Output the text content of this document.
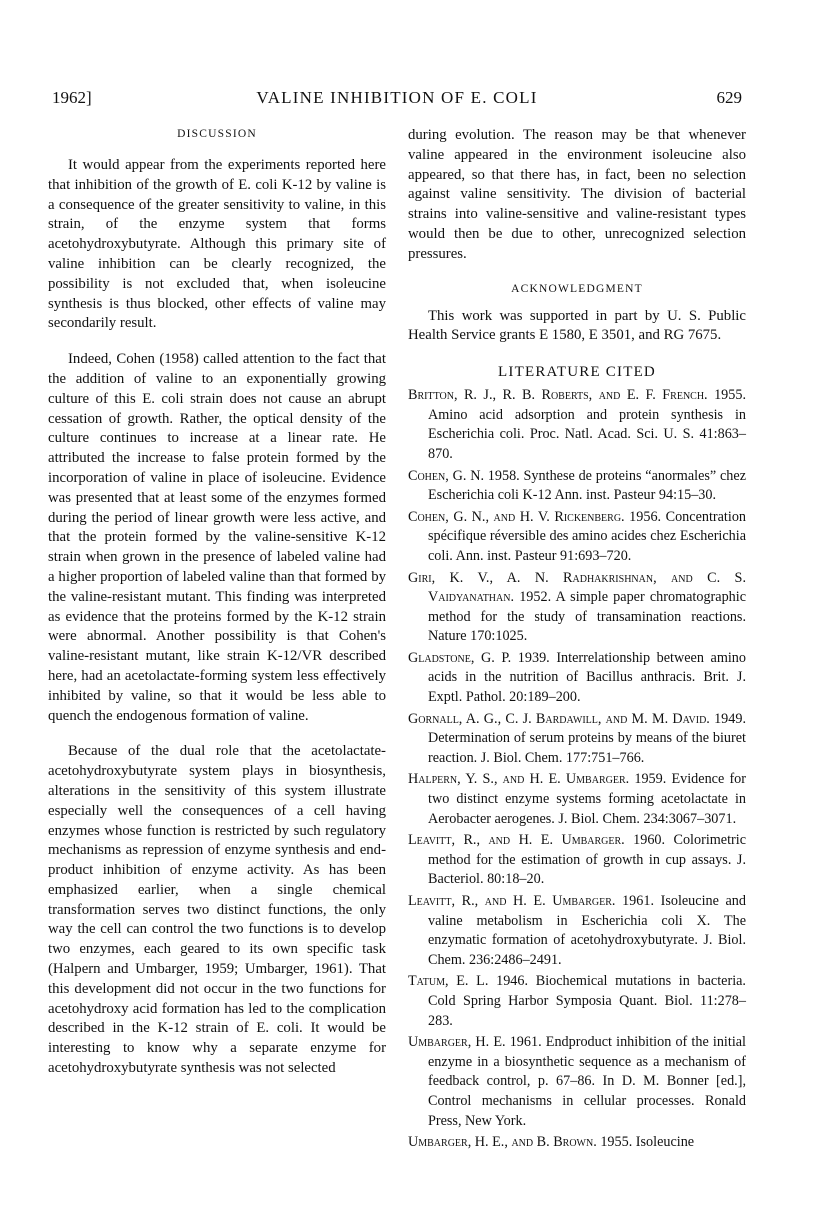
1962]	VALINE INHIBITION OF E. COLI	629
DISCUSSION

It would appear from the experiments reported here that inhibition of the growth of E. coli K-12 by valine is a consequence of the greater sensitivity to valine, in this strain, of the enzyme system that forms acetohydroxybutyrate. Although this primary site of valine inhibition can be clearly recognized, the possibility is not excluded that, when isoleucine synthesis is thus blocked, other effects of valine may secondarily result.

Indeed, Cohen (1958) called attention to the fact that the addition of valine to an exponentially growing culture of this E. coli strain does not cause an abrupt cessation of growth. Rather, the optical density of the culture continues to increase at a linear rate. He attributed the increase to false protein formed by the incorporation of valine in place of isoleucine. Evidence was presented that at least some of the enzymes formed during the period of linear growth were less active, and that the protein formed by the valine-sensitive K-12 strain when grown in the presence of labeled valine had a higher proportion of labeled valine than that formed by the valine-resistant mutant. This finding was interpreted as evidence that the proteins formed by the K-12 strain were abnormal. Another possibility is that Cohen's valine-resistant mutant, like strain K-12/VR described here, had an acetolactate-forming system less effectively inhibited by valine, so that it would be less able to quench the endogenous formation of valine.

Because of the dual role that the acetolactate-acetohydroxybutyrate system plays in biosynthesis, alterations in the sensitivity of this system illustrate especially well the consequences of a cell having enzymes whose function is restricted by such regulatory mechanisms as repression of enzyme synthesis and end-product inhibition of enzyme activity. As has been emphasized earlier, when a single chemical transformation serves two distinct functions, the only way the cell can control the two functions is to develop two enzymes, each geared to its own specific task (Halpern and Umbarger, 1959; Umbarger, 1961). That this development did not occur in the two functions for acetohydroxy acid formation has led to the complication described in the K-12 strain of E. coli. It would be interesting to know why a separate enzyme for acetohydroxybutyrate synthesis was not selected

during evolution. The reason may be that whenever valine appeared in the environment isoleucine also appeared, so that there has, in fact, been no selection against valine sensitivity. The division of bacterial strains into valine-sensitive and valine-resistant types would then be due to other, unrecognized selection pressures.

ACKNOWLEDGMENT

This work was supported in part by U. S. Public Health Service grants E 1580, E 3501, and RG 7675.

LITERATURE CITED
Britton, R. J., R. B. Roberts, and E. F. French. 1955. Amino acid adsorption and protein synthesis in Escherichia coli. Proc. Natl. Acad. Sci. U. S. 41:863–870.
Cohen, G. N. 1958. Synthese de proteins “anormales” chez Escherichia coli K-12 Ann. inst. Pasteur 94:15–30.
Cohen, G. N., and H. V. Rickenberg. 1956. Concentration spécifique réversible des amino acides chez Escherichia coli. Ann. inst. Pasteur 91:693–720.
Giri, K. V., A. N. Radhakrishnan, and C. S. Vaidyanathan. 1952. A simple paper chromatographic method for the study of transamination reactions. Nature 170:1025.
Gladstone, G. P. 1939. Interrelationship between amino acids in the nutrition of Bacillus anthracis. Brit. J. Exptl. Pathol. 20:189–200.
Gornall, A. G., C. J. Bardawill, and M. M. David. 1949. Determination of serum proteins by means of the biuret reaction. J. Biol. Chem. 177:751–766.
Halpern, Y. S., and H. E. Umbarger. 1959. Evidence for two distinct enzyme systems forming acetolactate in Aerobacter aerogenes. J. Biol. Chem. 234:3067–3071.
Leavitt, R., and H. E. Umbarger. 1960. Colorimetric method for the estimation of growth in cup assays. J. Bacteriol. 80:18–20.
Leavitt, R., and H. E. Umbarger. 1961. Isoleucine and valine metabolism in Escherichia coli X. The enzymatic formation of acetohydroxybutyrate. J. Biol. Chem. 236:2486–2491.
Tatum, E. L. 1946. Biochemical mutations in bacteria. Cold Spring Harbor Symposia Quant. Biol. 11:278–283.
Umbarger, H. E. 1961. Endproduct inhibition of the initial enzyme in a biosynthetic sequence as a mechanism of feedback control, p. 67–86. In D. M. Bonner [ed.], Control mechanisms in cellular processes. Ronald Press, New York.
Umbarger, H. E., and B. Brown. 1955. Isoleucine
